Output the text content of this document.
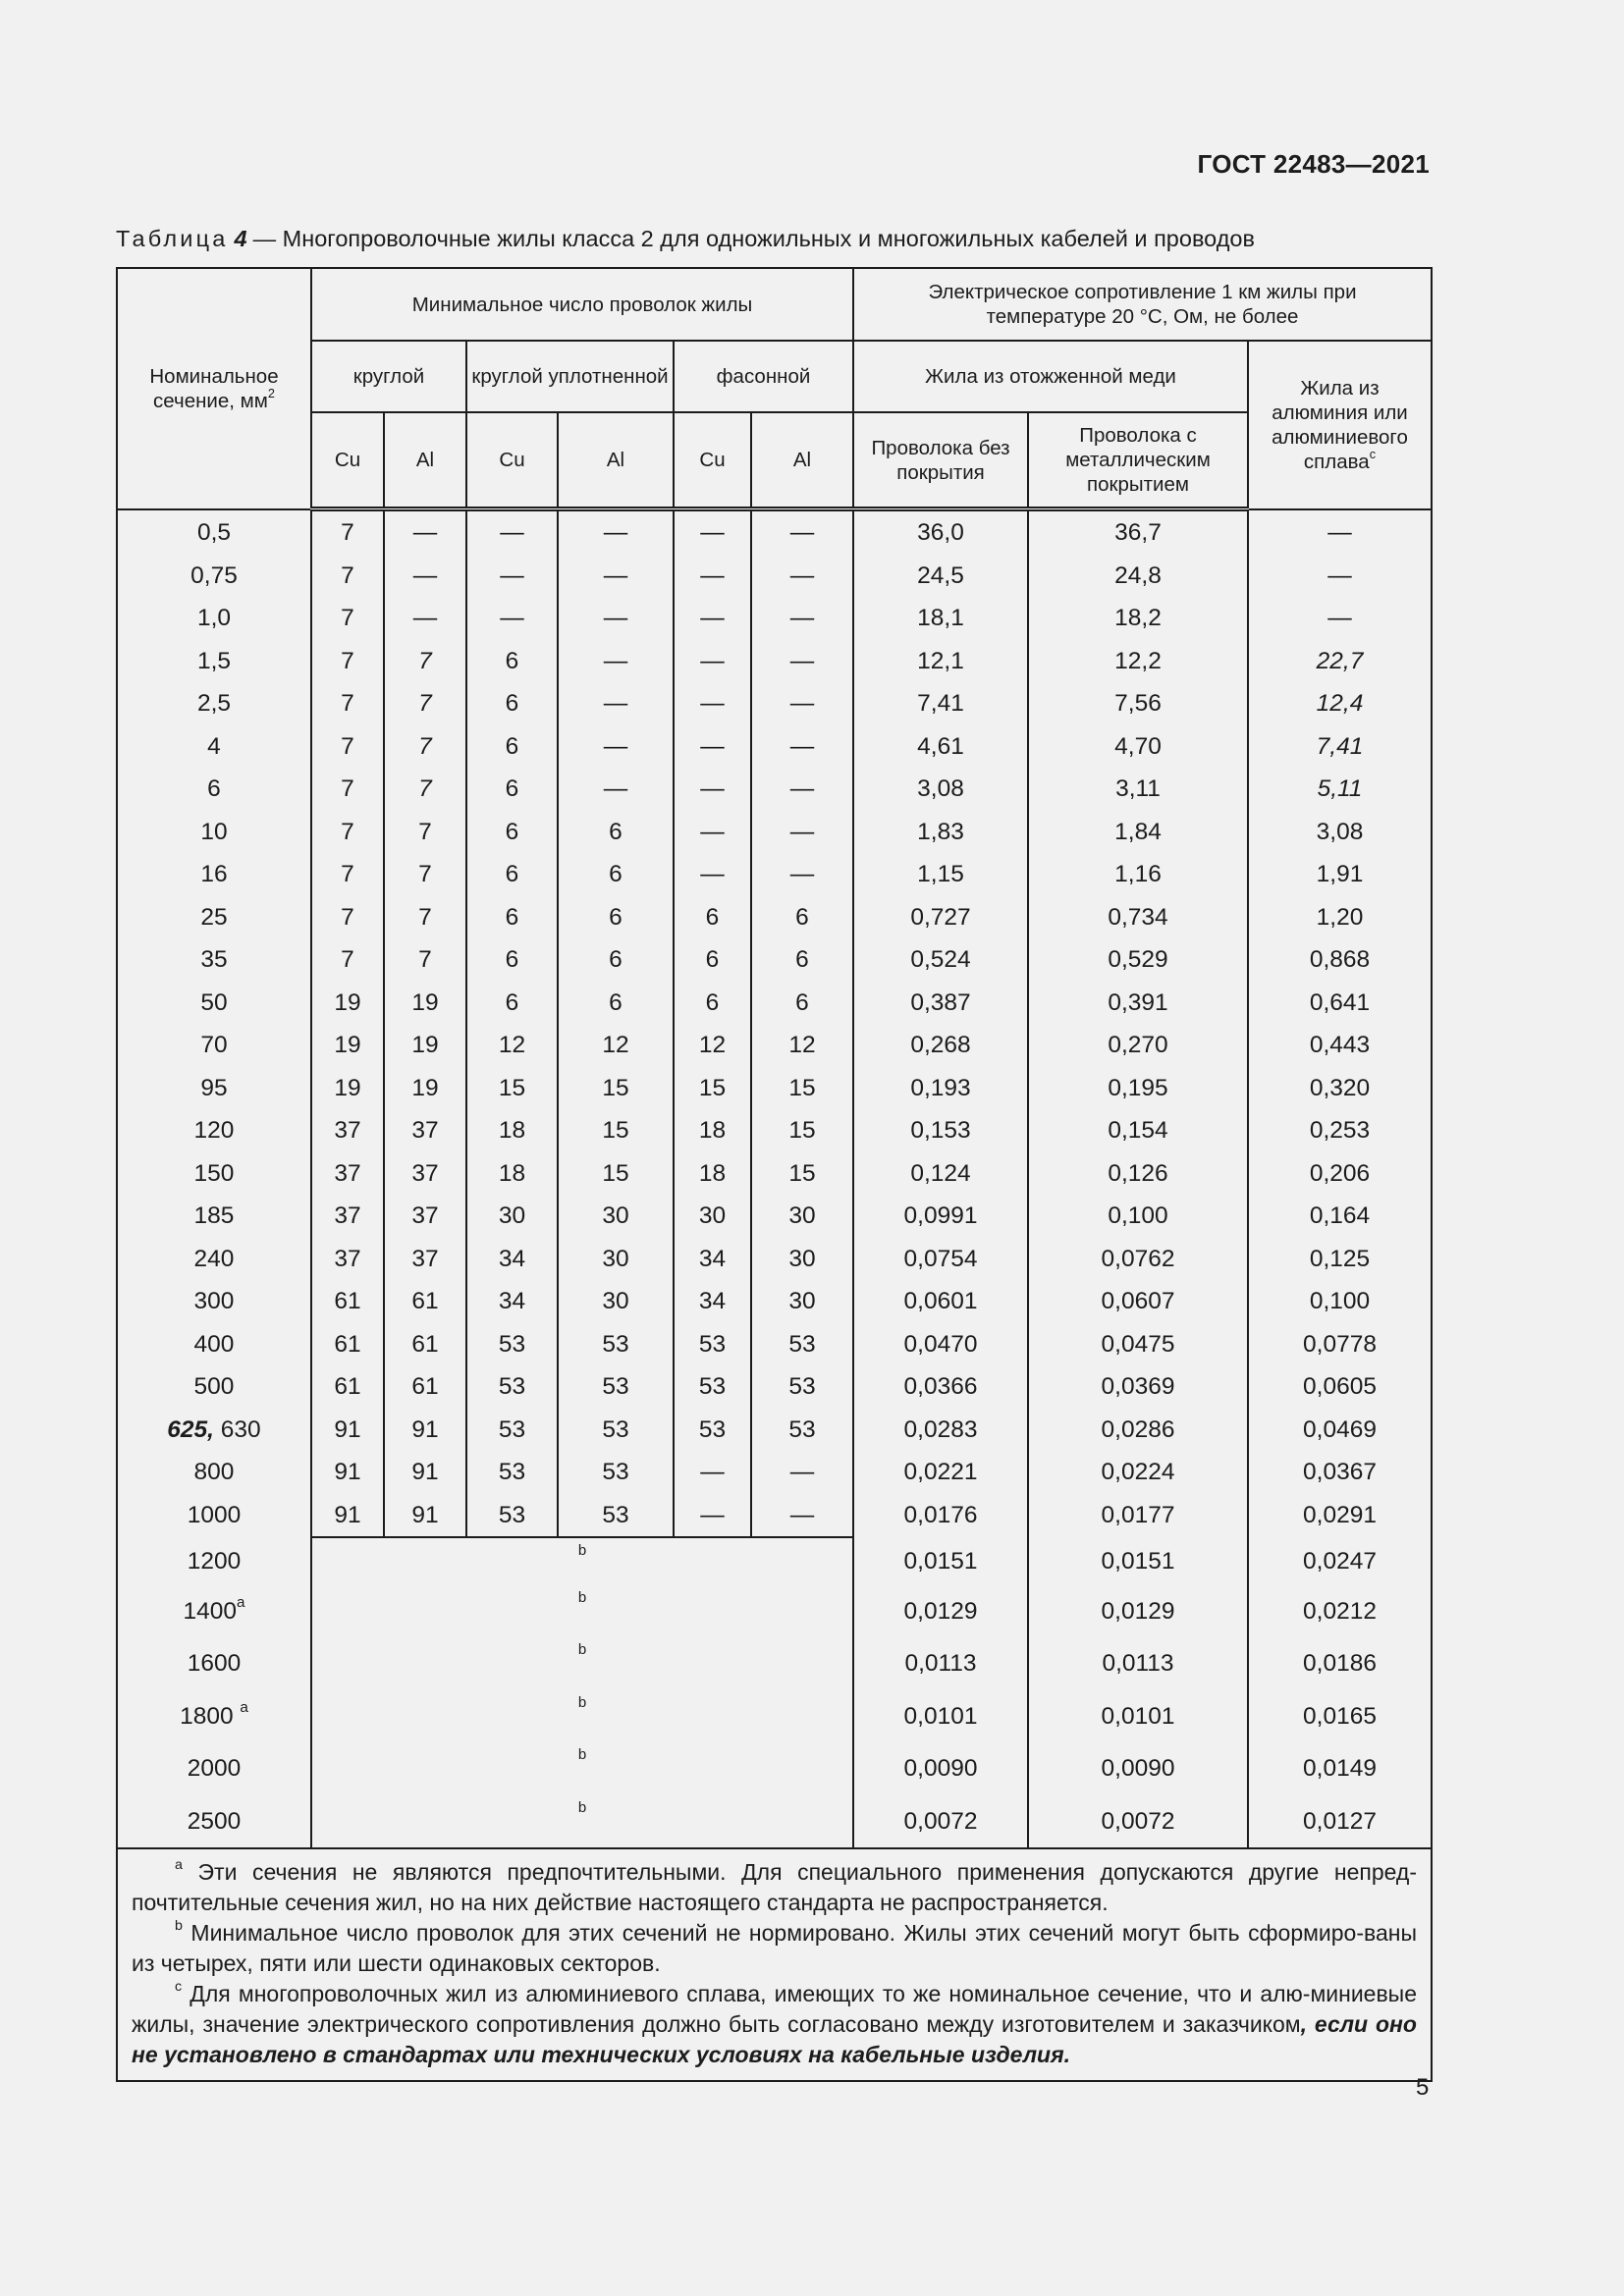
ГОСТ 22483—2021
Таблица 4 — Многопроволочные жилы класса 2 для одножильных и многожильных кабелей и проводов
Номинальное сечение, $мм^2$	Минимальное число проволок жилы						Электрическое сопротивление 1 км жилы при температуре 20 °С, Ом, не более		
	круглой		круглой уплотненной		фасонной		Жила из отожженной меди		Жила из алюминия или алюминиевого сплава$^c$
	Cu	Al	Cu	Al	Cu	Al	Проволока без покрытия	Проволока с металлическим покрытием	
0,5	7	—	—	—	—	—	36,0	36,7	—
0,75	7	—	—	—	—	—	24,5	24,8	—
1,0	7	—	—	—	—	—	18,1	18,2	—
1,5	7	7	6	—	—	—	12,1	12,2	22,7
2,5	7	7	6	—	—	—	7,41	7,56	12,4
4	7	7	6	—	—	—	4,61	4,70	7,41
6	7	7	6	—	—	—	3,08	3,11	5,11
10	7	7	6	6	—	—	1,83	1,84	3,08
16	7	7	6	6	—	—	1,15	1,16	1,91
25	7	7	6	6	6	6	0,727	0,734	1,20
35	7	7	6	6	6	6	0,524	0,529	0,868
50	19	19	6	6	6	6	0,387	0,391	0,641
70	19	19	12	12	12	12	0,268	0,270	0,443
95	19	19	15	15	15	15	0,193	0,195	0,320
120	37	37	18	15	18	15	0,153	0,154	0,253
150	37	37	18	15	18	15	0,124	0,126	0,206
185	37	37	30	30	30	30	0,0991	0,100	0,164
240	37	37	34	30	34	30	0,0754	0,0762	0,125
300	61	61	34	30	34	30	0,0601	0,0607	0,100
400	61	61	53	53	53	53	0,0470	0,0475	0,0778
500	61	61	53	53	53	53	0,0366	0,0369	0,0605
625, 630	91	91	53	53	53	53	0,0283	0,0286	0,0469
800	91	91	53	53	—	—	0,0221	0,0224	0,0367
1000	91	91	53	53	—	—	0,0176	0,0177	0,0291
1200	b						0,0151	0,0151	0,0247
1400$^a$	b						0,0129	0,0129	0,0212
1600	b						0,0113	0,0113	0,0186
1800 $^a$	b						0,0101	0,0101	0,0165
2000	b						0,0090	0,0090	0,0149
2500	b						0,0072	0,0072	0,0127

$^a$ Эти сечения не являются предпочтительными. Для специального применения допускаются другие непред-почтительные сечения жил, но на них действие настоящего стандарта не распространяется.
$^b$ Минимальное число проволок для этих сечений не нормировано. Жилы этих сечений могут быть сформиро-ваны из четырех, пяти или шести одинаковых секторов.
$^c$ Для многопроволочных жил из алюминиевого сплава, имеющих то же номинальное сечение, что и алю-миниевые жилы, значение электрического сопротивления должно быть согласовано между изготовителем и заказчиком, если оно не установлено в стандартах или технических условиях на кабельные изделия.									
5
